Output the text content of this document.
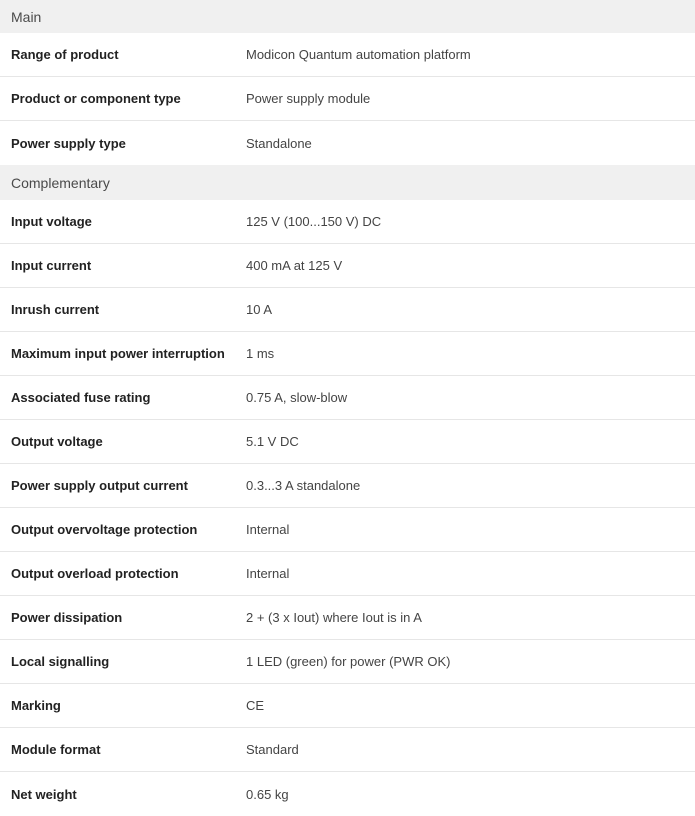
Main
Range of product	Modicon Quantum automation platform
Product or component type	Power supply module
Power supply type	Standalone
Complementary
Input voltage	125 V (100...150 V) DC
Input current	400 mA at 125 V
Inrush current	10 A
Maximum input power interruption	1 ms
Associated fuse rating	0.75 A, slow-blow
Output voltage	5.1 V DC
Power supply output current	0.3...3 A standalone
Output overvoltage protection	Internal
Output overload protection	Internal
Power dissipation	2 + (3 x Iout) where Iout is in A
Local signalling	1 LED (green) for power (PWR OK)
Marking	CE
Module format	Standard
Net weight	0.65 kg
